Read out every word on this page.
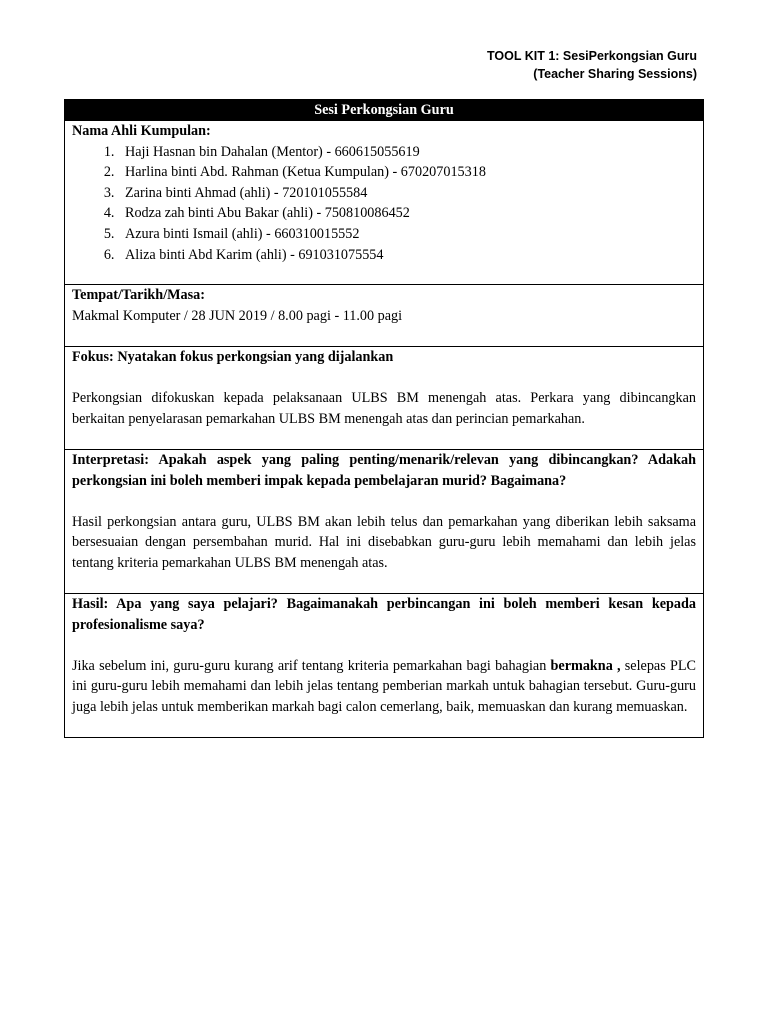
TOOL KIT 1: SesiPerkongsian Guru
(Teacher Sharing Sessions)
Sesi Perkongsian Guru

Nama Ahli Kumpulan:
1. Haji Hasnan bin Dahalan (Mentor) - 660615055619
2. Harlina binti Abd. Rahman (Ketua Kumpulan) - 670207015318
3. Zarina binti Ahmad (ahli) - 720101055584
4. Rodza zah binti Abu Bakar (ahli) - 750810086452
5. Azura binti Ismail (ahli) - 660310015552
6. Aliza binti Abd Karim (ahli) - 691031075554

Tempat/Tarikh/Masa:
Makmal Komputer / 28 JUN 2019 / 8.00 pagi - 11.00 pagi

Fokus: Nyatakan fokus perkongsian yang dijalankan
Perkongsian difokuskan kepada pelaksanaan ULBS BM menengah atas. Perkara yang dibincangkan berkaitan penyelarasan pemarkahan ULBS BM menengah atas dan perincian pemarkahan.

Interpretasi: Apakah aspek yang paling penting/menarik/relevan yang dibincangkan? Adakah perkongsian ini boleh memberi impak kepada pembelajaran murid? Bagaimana?
Hasil perkongsian antara guru, ULBS BM akan lebih telus dan pemarkahan yang diberikan lebih saksama bersesuaian dengan persembahan murid. Hal ini disebabkan guru-guru lebih memahami dan lebih jelas tentang kriteria pemarkahan ULBS BM menengah atas.

Hasil: Apa yang saya pelajari? Bagaimanakah perbincangan ini boleh memberi kesan kepada profesionalisme saya?
Jika sebelum ini, guru-guru kurang arif tentang kriteria pemarkahan bagi bahagian bermakna , selepas PLC ini guru-guru lebih memahami dan lebih jelas tentang pemberian markah untuk bahagian tersebut. Guru-guru juga lebih jelas untuk memberikan markah bagi calon cemerlang, baik, memuaskan dan kurang memuaskan.
